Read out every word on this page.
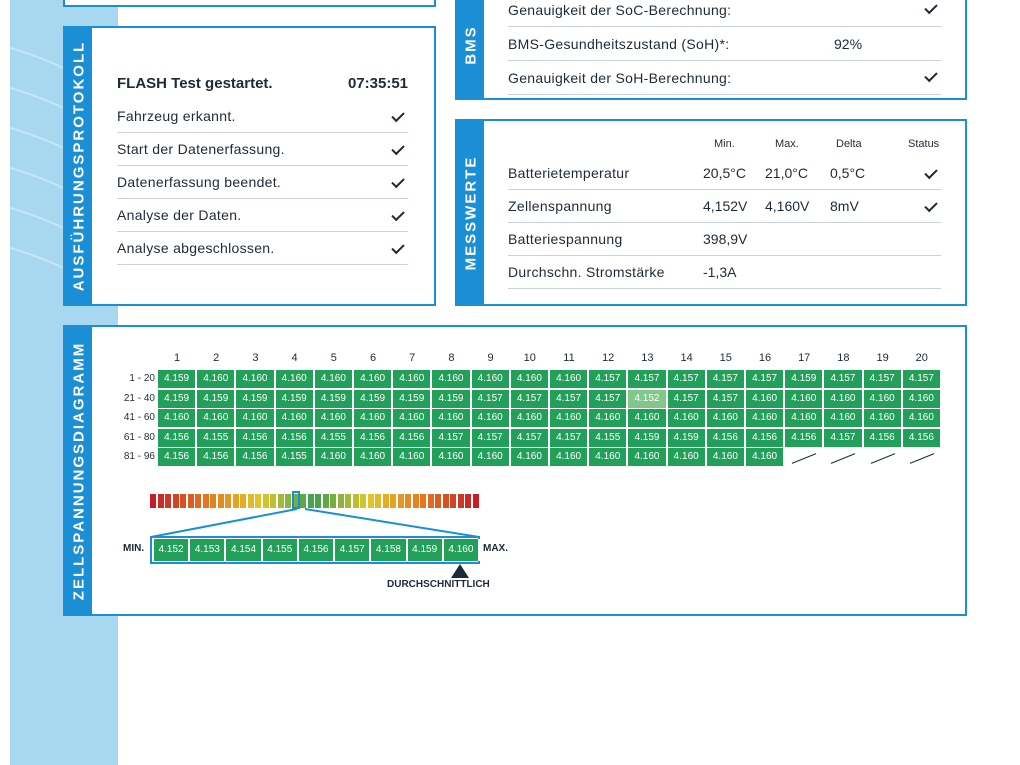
BMS
Genauigkeit der SoC-Berechnung:
BMS-Gesundheitszustand (SoH)*:	92%
Genauigkeit der SoH-Berechnung:
AUSFÜHRUNGSPROTOKOLL FLASH Test gestartet.	07:35:51
Fahrzeug erkannt.
Start der Datenerfassung.
Datenerfassung beendet.
Analyse der Daten.
Analyse abgeschlossen.	MESSWERTE
Min.	Max.	Delta	Status
Batterietemperatur	20,5°C 21,0°C 0,5°C
Zellenspannung	4,152V 4,160V 8mV
Batteriespannung	398,9V
Durchschn. Stromstärke	-1,3A
ZELLSPANNUNGSDIAGRAMM	1	2	3	4	5	6	7	8	9	10	11	12	13	14	15	16	17	18	19	20
1 - 20 4.159	4.160	4.160	4.160	4.160	4.160	4.160	4.160	4.160	4.160	4.160	4.157	4.157	4.157	4.157	4.157	4.159	4.157	4.157	4.157
21 - 40 4.159	4.159	4.159	4.159	4.159	4.159	4.159	4.159	4.157	4.157	4.157	4.157	4.152	4.157	4.157	4.160	4.160	4.160	4.160	4.160
41 - 60 4.160	4.160	4.160	4.160	4.160	4.160	4.160	4.160	4.160	4.160	4.160	4.160	4.160	4.160	4.160	4.160	4.160	4.160	4.160	4.160
61 - 80 4.156	4.155	4.156	4.156	4.155	4.156	4.156	4.157	4.157	4.157	4.157	4.155	4.159	4.159	4.156	4.156	4.156	4.157	4.156	4.156
81 - 96 4.156	4.156	4.156	4.155	4.160	4.160	4.160	4.160	4.160	4.160	4.160	4.160	4.160	4.160	4.160	4.160
MIN.	4.152	4.153	4.154	4.155	4.156	4.157	4.158	4.159	4.160 MAX.
DURCHSCHNITTLICH
